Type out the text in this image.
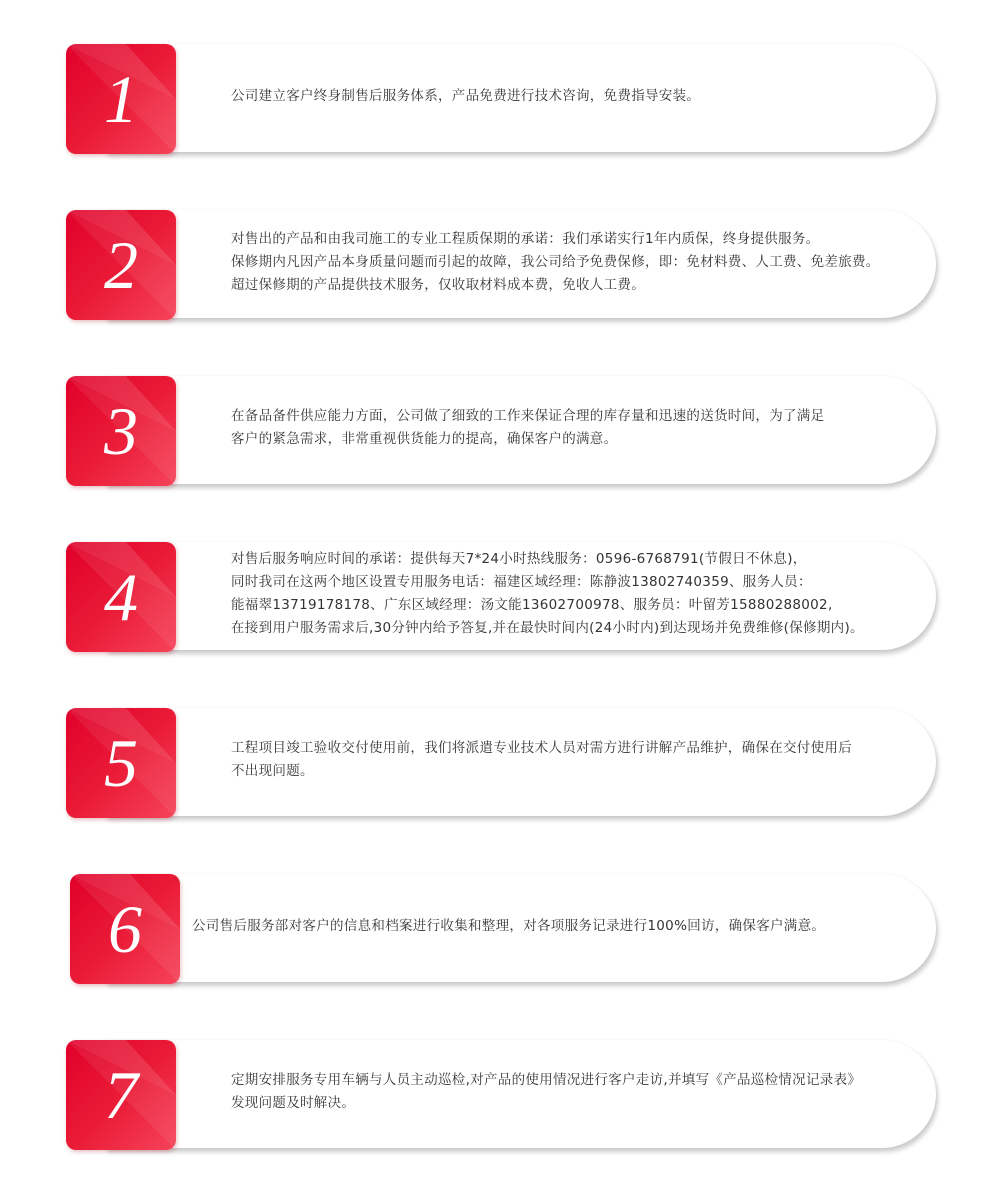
公司建立客户终身制售后服务体系，产品免费进行技术咨询，免费指导安装。
1
对售出的产品和由我司施工的专业工程质保期的承诺：我们承诺实行1年内质保，终身提供服务。
保修期内凡因产品本身质量问题而引起的故障，我公司给予免费保修，即：免材料费、人工费、免差旅费。
超过保修期的产品提供技术服务，仅收取材料成本费，免收人工费。
2
在备品备件供应能力方面，公司做了细致的工作来保证合理的库存量和迅速的送货时间，为了满足
客户的紧急需求，非常重视供货能力的提高，确保客户的满意。
3
对售后服务响应时间的承诺：提供每天7*24小时热线服务：0596-6768791(节假日不休息)，
同时我司在这两个地区设置专用服务电话：福建区域经理：陈静波13802740359、服务人员：
能福翠13719178178、广东区域经理：汤文能13602700978、服务员：叶留芳15880288002,
在接到用户服务需求后,30分钟内给予答复,并在最快时间内(24小时内)到达现场并免费维修(保修期内)。
4
工程项目竣工验收交付使用前，我们将派遣专业技术人员对需方进行讲解产品维护，确保在交付使用后
不出现问题。
5
公司售后服务部对客户的信息和档案进行收集和整理，对各项服务记录进行100%回访，确保客户满意。
6
定期安排服务专用车辆与人员主动巡检,对产品的使用情况进行客户走访,并填写《产品巡检情况记录表》
发现问题及时解决。
7
